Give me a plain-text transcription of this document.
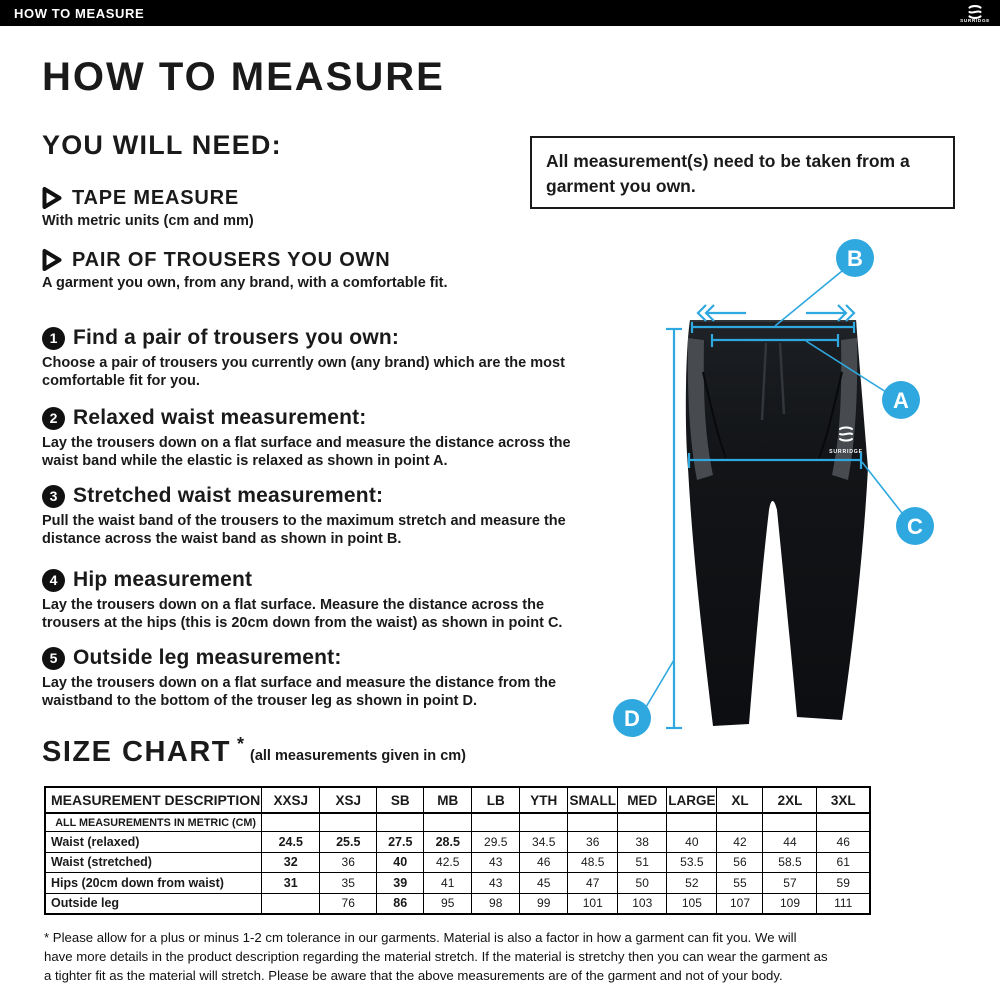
HOW TO MEASURE	SURRIDGE
HOW TO MEASURE
YOU WILL NEED:
TAPE MEASURE
With metric units (cm and mm)
PAIR OF TROUSERS YOU OWN
A garment you own, from any brand, with a comfortable fit.
All measurement(s) need to be taken from a garment you own.
1 Find a pair of trousers you own:

Choose a pair of trousers you currently own (any brand) which are the most comfortable fit for you.

2 Relaxed waist measurement:

Lay the trousers down on a flat surface and measure the distance across the waist band while the elastic is relaxed as shown in point A.

3 Stretched waist measurement:

Pull the waist band of the trousers to the maximum stretch and measure the distance across the waist band as shown in point B.

4 Hip measurement

Lay the trousers down on a flat surface. Measure the distance across the trousers at the hips (this is 20cm down from the waist) as shown in point C.

5 Outside leg measurement:

Lay the trousers down on a flat surface and measure the distance from the waistband to the bottom of the trouser leg as shown in point D.

SURRIDGE
B
A
C
D
SIZE CHART *
(all measurements given in cm)
MEASUREMENT DESCRIPTION	XXSJ	XSJ	SB	MB	LB	YTH	SMALL	MED	LARGE	XL	2XL	3XL
ALL MEASUREMENTS IN METRIC (CM)												
Waist (relaxed)	24.5	25.5	27.5	28.5	29.5	34.5	36	38	40	42	44	46
Waist (stretched)	32	36	40	42.5	43	46	48.5	51	53.5	56	58.5	61
Hips (20cm down from waist)	31	35	39	41	43	45	47	50	52	55	57	59
Outside leg		76	86	95	98	99	101	103	105	107	109	111

* Please allow for a plus or minus 1-2 cm tolerance in our garments. Material is also a factor in how a garment can fit you. We will have more details in the product description regarding the material stretch. If the material is stretchy then you can wear the garment as a tighter fit as the material will stretch. Please be aware that the above measurements are of the garment and not of your body.
